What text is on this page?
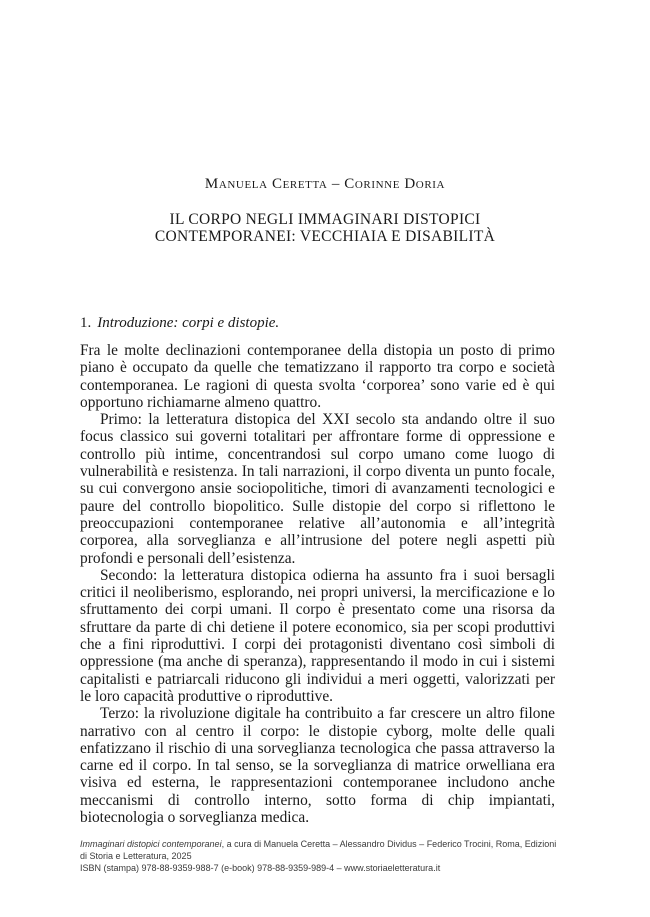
Manuela Ceretta – Corinne Doria
IL CORPO NEGLI IMMAGINARI DISTOPICI
CONTEMPORANEI: VECCHIAIA E DISABILITÀ
1. Introduzione: corpi e distopie.

Fra le molte declinazioni contemporanee della distopia un posto di primo piano è occupato da quelle che tematizzano il rapporto tra corpo e società contemporanea. Le ragioni di questa svolta ‘corporea’ sono varie ed è qui opportuno richiamarne almeno quattro.

Primo: la letteratura distopica del XXI secolo sta andando oltre il suo focus classico sui governi totalitari per affrontare forme di oppressione e controllo più intime, concentrandosi sul corpo umano come luogo di vulnerabilità e resistenza. In tali narrazioni, il corpo diventa un punto focale, su cui convergono ansie sociopolitiche, timori di avanzamenti tecnologici e paure del controllo biopolitico. Sulle distopie del corpo si riflettono le preoccupazioni contemporanee relative all’autonomia e all’integrità corporea, alla sorveglianza e all’intrusione del potere negli aspetti più profondi e personali dell’esistenza.

Secondo: la letteratura distopica odierna ha assunto fra i suoi bersagli critici il neoliberismo, esplorando, nei propri universi, la mercificazione e lo sfruttamento dei corpi umani. Il corpo è presentato come una risorsa da sfruttare da parte di chi detiene il potere economico, sia per scopi produttivi che a fini riproduttivi. I corpi dei protagonisti diventano così simboli di oppressione (ma anche di speranza), rappresentando il modo in cui i sistemi capitalisti e patriarcali riducono gli individui a meri oggetti, valorizzati per le loro capacità produttive o riproduttive.

Terzo: la rivoluzione digitale ha contribuito a far crescere un altro filone narrativo con al centro il corpo: le distopie cyborg, molte delle quali enfatizzano il rischio di una sorveglianza tecnologica che passa attraverso la carne ed il corpo. In tal senso, se la sorveglianza di matrice orwelliana era visiva ed esterna, le rappresentazioni contemporanee includono anche meccanismi di controllo interno, sotto forma di chip impiantati, biotecnologia o sorveglianza medica.

Immaginari distopici contemporanei, a cura di Manuela Ceretta – Alessandro Dividus – Federico Trocini, Roma, Edizioni di Storia e Letteratura, 2025
ISBN (stampa) 978-88-9359-988-7 (e-book) 978-88-9359-989-4 – www.storiaeletteratura.it
